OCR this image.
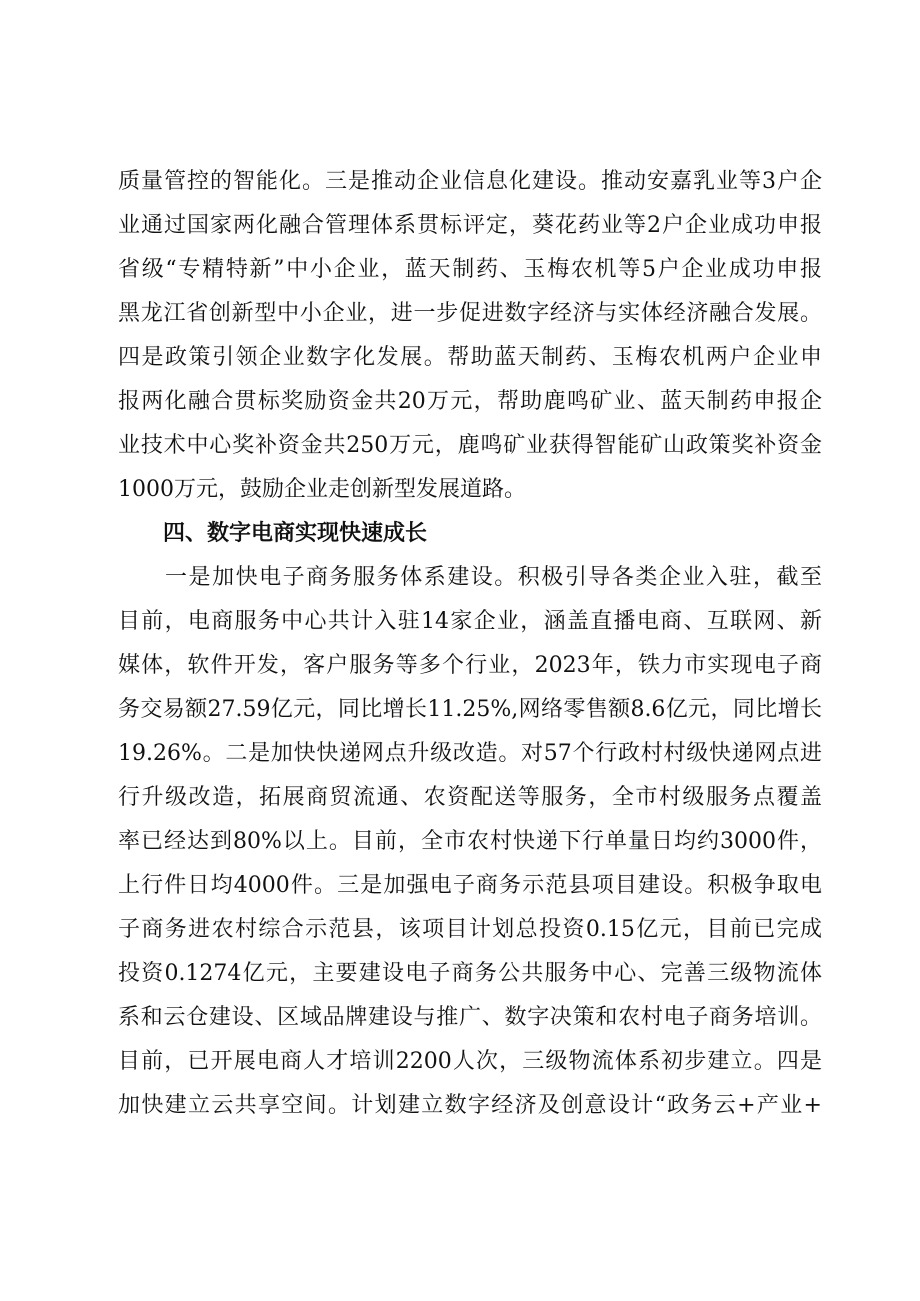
质量管控的智能化。三是推动企业信息化建设。推动安嘉乳业等3户企
业通过国家两化融合管理体系贯标评定，葵花药业等2户企业成功申报
省级“专精特新”中小企业，蓝天制药、玉梅农机等5户企业成功申报
黑龙江省创新型中小企业，进一步促进数字经济与实体经济融合发展。
四是政策引领企业数字化发展。帮助蓝天制药、玉梅农机两户企业申
报两化融合贯标奖励资金共20万元，帮助鹿鸣矿业、蓝天制药申报企
业技术中心奖补资金共250万元，鹿鸣矿业获得智能矿山政策奖补资金
1000万元，鼓励企业走创新型发展道路。
四、数字电商实现快速成长
　　一是加快电子商务服务体系建设。积极引导各类企业入驻，截至
目前，电商服务中心共计入驻14家企业，涵盖直播电商、互联网、新
媒体，软件开发，客户服务等多个行业，2023年，铁力市实现电子商
务交易额27.59亿元，同比增长11.25%,网络零售额8.6亿元，同比增长
19.26%。二是加快快递网点升级改造。对57个行政村村级快递网点进
行升级改造，拓展商贸流通、农资配送等服务，全市村级服务点覆盖
率已经达到80%以上。目前，全市农村快递下行单量日均约3000件，
上行件日均4000件。三是加强电子商务示范县项目建设。积极争取电
子商务进农村综合示范县，该项目计划总投资0.15亿元，目前已完成
投资0.1274亿元，主要建设电子商务公共服务中心、完善三级物流体
系和云仓建设、区域品牌建设与推广、数字决策和农村电子商务培训。
目前，已开展电商人才培训2200人次，三级物流体系初步建立。四是
加快建立云共享空间。计划建立数字经济及创意设计“政务云+产业+
